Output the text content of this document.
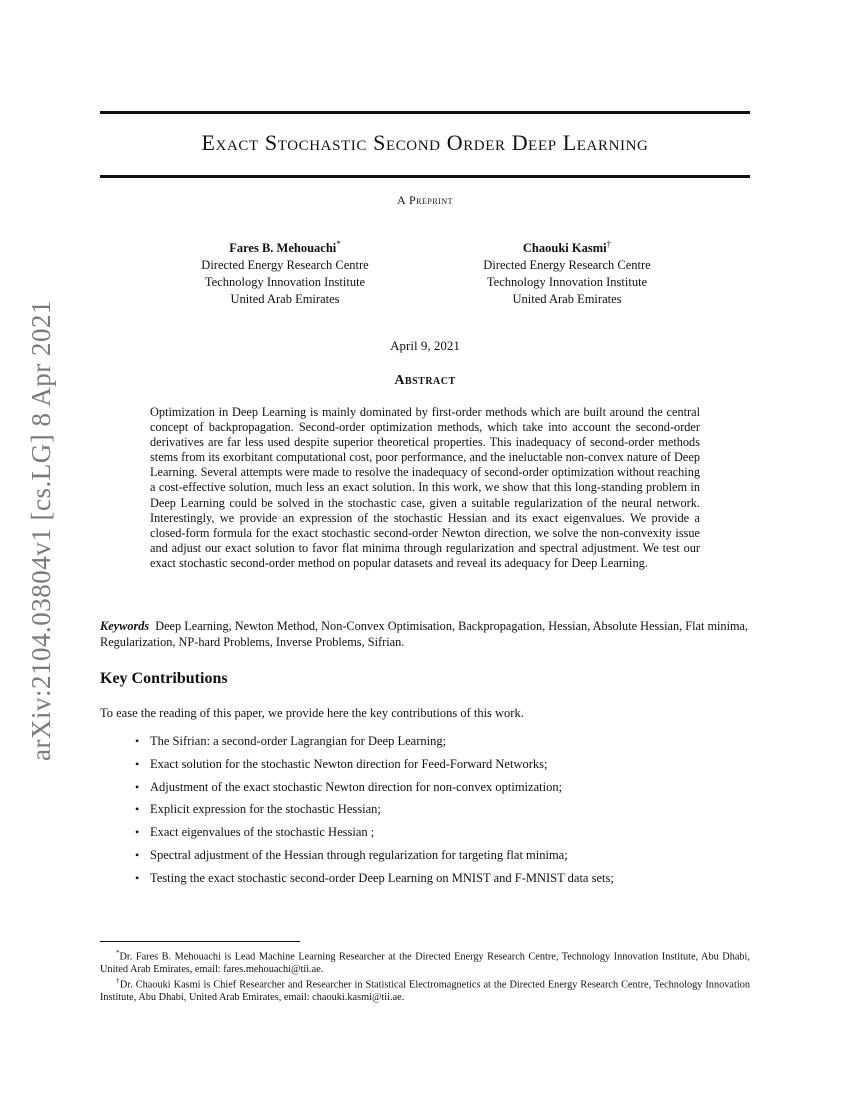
arXiv:2104.03804v1 [cs.LG] 8 Apr 2021
Exact Stochastic Second Order Deep Learning
A Preprint
Fares B. Mehouachi*
Directed Energy Research Centre
Technology Innovation Institute
United Arab Emirates
Chaouki Kasmi†
Directed Energy Research Centre
Technology Innovation Institute
United Arab Emirates
April 9, 2021
Abstract

Optimization in Deep Learning is mainly dominated by first-order methods which are built around the central concept of backpropagation. Second-order optimization methods, which take into account the second-order derivatives are far less used despite superior theoretical properties. This inadequacy of second-order methods stems from its exorbitant computational cost, poor performance, and the ineluctable non-convex nature of Deep Learning. Several attempts were made to resolve the inadequacy of second-order optimization without reaching a cost-effective solution, much less an exact solution. In this work, we show that this long-standing problem in Deep Learning could be solved in the stochastic case, given a suitable regularization of the neural network. Interestingly, we provide an expression of the stochastic Hessian and its exact eigenvalues. We provide a closed-form formula for the exact stochastic second-order Newton direction, we solve the non-convexity issue and adjust our exact solution to favor flat minima through regularization and spectral adjustment. We test our exact stochastic second-order method on popular datasets and reveal its adequacy for Deep Learning.

Keywords Deep Learning, Newton Method, Non-Convex Optimisation, Backpropagation, Hessian, Absolute Hessian, Flat minima, Regularization, NP-hard Problems, Inverse Problems, Sifrian.

Key Contributions

To ease the reading of this paper, we provide here the key contributions of this work.

• The Sifrian: a second-order Lagrangian for Deep Learning;
• Exact solution for the stochastic Newton direction for Feed-Forward Networks;
• Adjustment of the exact stochastic Newton direction for non-convex optimization;
• Explicit expression for the stochastic Hessian;
• Exact eigenvalues of the stochastic Hessian ;
• Spectral adjustment of the Hessian through regularization for targeting flat minima;
• Testing the exact stochastic second-order Deep Learning on MNIST and F-MNIST data sets;

*Dr. Fares B. Mehouachi is Lead Machine Learning Researcher at the Directed Energy Research Centre, Technology Innovation Institute, Abu Dhabi, United Arab Emirates, email: fares.mehouachi@tii.ae.

†Dr. Chaouki Kasmi is Chief Researcher and Researcher in Statistical Electromagnetics at the Directed Energy Research Centre, Technology Innovation Institute, Abu Dhabi, United Arab Emirates, email: chaouki.kasmi@tii.ae.
